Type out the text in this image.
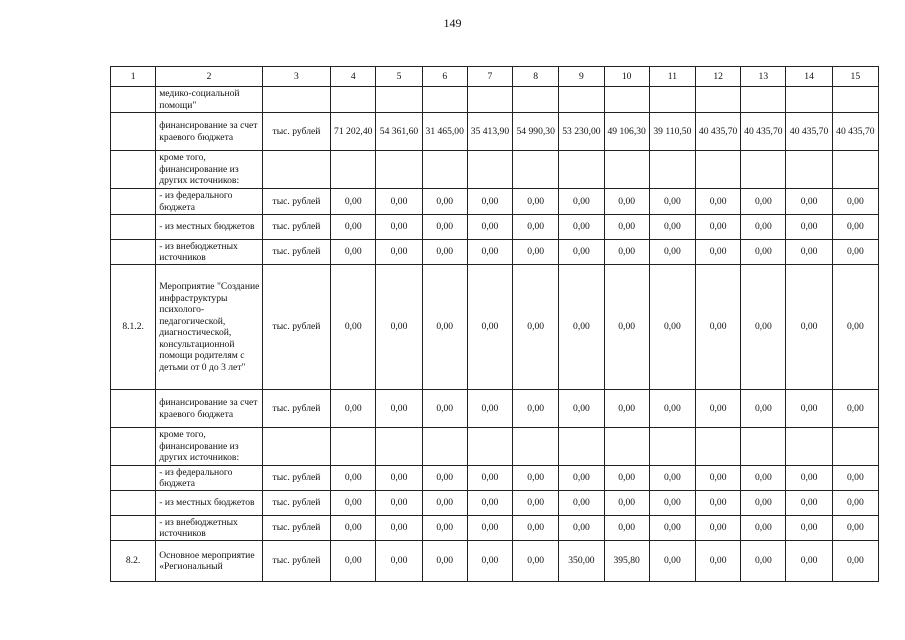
149
1	2	3	4	5	6	7	8	9	10	11	12	13	14	15
	медико-социальной помощи"													
	финансирование за счет краевого бюджета	тыс. рублей	71 202,40	54 361,60	31 465,00	35 413,90	54 990,30	53 230,00	49 106,30	39 110,50	40 435,70	40 435,70	40 435,70	40 435,70
	кроме того, финансирование из других источников:													
	- из федерального бюджета	тыс. рублей	0,00	0,00	0,00	0,00	0,00	0,00	0,00	0,00	0,00	0,00	0,00	0,00
	- из местных бюджетов	тыс. рублей	0,00	0,00	0,00	0,00	0,00	0,00	0,00	0,00	0,00	0,00	0,00	0,00
	- из внебюджетных источников	тыс. рублей	0,00	0,00	0,00	0,00	0,00	0,00	0,00	0,00	0,00	0,00	0,00	0,00
8.1.2.	Мероприятие "Создание инфраструктуры психолого-педагогической, диагностической, консультационной помощи родителям с детьми от 0 до 3 лет"	тыс. рублей	0,00	0,00	0,00	0,00	0,00	0,00	0,00	0,00	0,00	0,00	0,00	0,00
	финансирование за счет краевого бюджета	тыс. рублей	0,00	0,00	0,00	0,00	0,00	0,00	0,00	0,00	0,00	0,00	0,00	0,00
	кроме того, финансирование из других источников:													
	- из федерального бюджета	тыс. рублей	0,00	0,00	0,00	0,00	0,00	0,00	0,00	0,00	0,00	0,00	0,00	0,00
	- из местных бюджетов	тыс. рублей	0,00	0,00	0,00	0,00	0,00	0,00	0,00	0,00	0,00	0,00	0,00	0,00
	- из внебюджетных источников	тыс. рублей	0,00	0,00	0,00	0,00	0,00	0,00	0,00	0,00	0,00	0,00	0,00	0,00
8.2.	Основное мероприятие «Региональный	тыс. рублей	0,00	0,00	0,00	0,00	0,00	350,00	395,80	0,00	0,00	0,00	0,00	0,00
